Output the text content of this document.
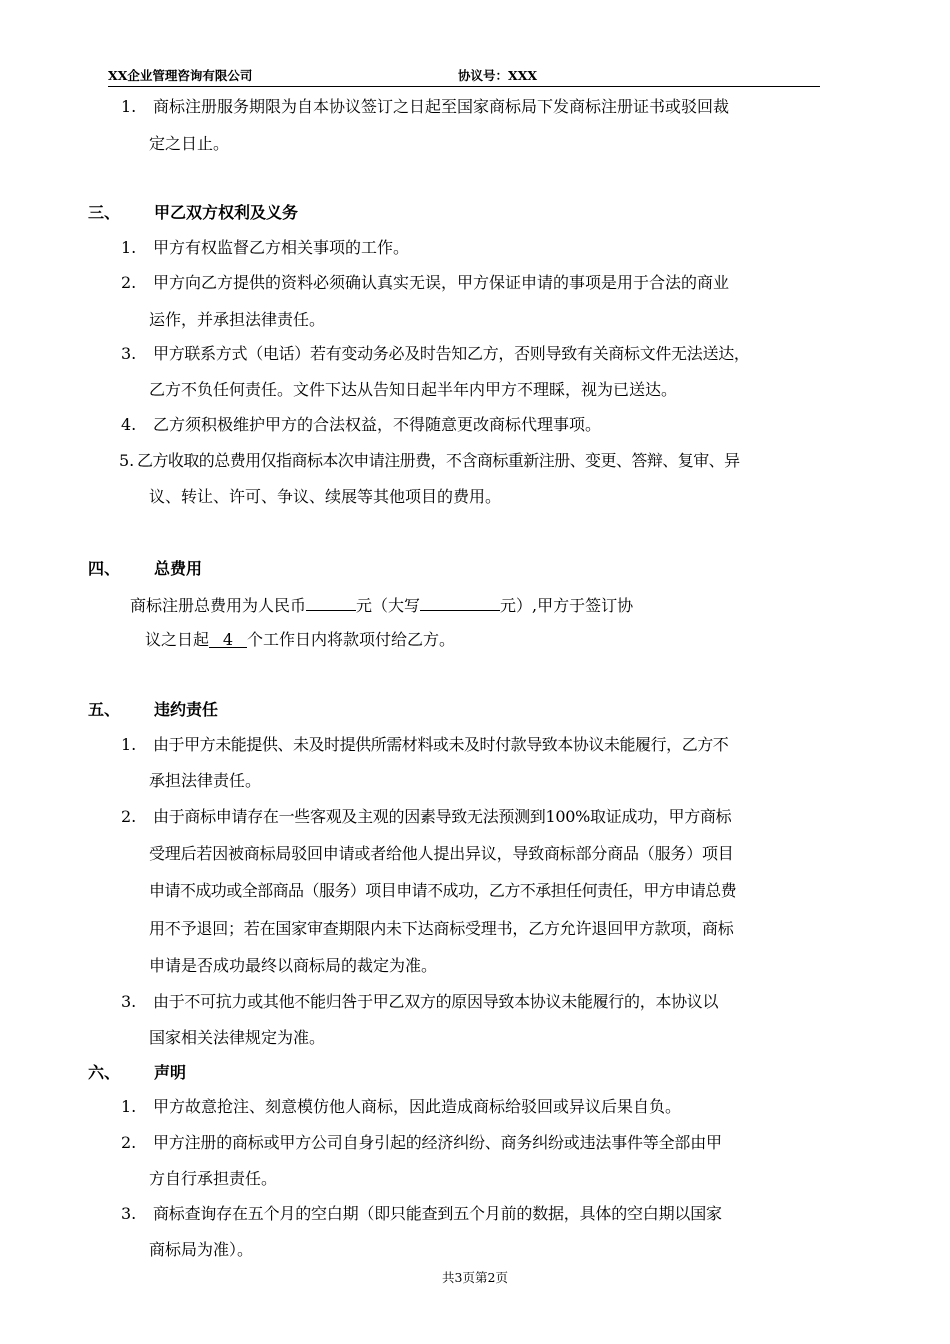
XX企业管理咨询有限公司	协议号：XXX
1. 商标注册服务期限为自本协议签订之日起至国家商标局下发商标注册证书或驳回裁
定之日止。
三、 甲乙双方权利及义务
1. 甲方有权监督乙方相关事项的工作。
2. 甲方向乙方提供的资料必须确认真实无误，甲方保证申请的事项是用于合法的商业
运作，并承担法律责任。
3. 甲方联系方式（电话）若有变动务必及时告知乙方，否则导致有关商标文件无法送达，
乙方不负任何责任。文件下达从告知日起半年内甲方不理睬，视为已送达。
4. 乙方须积极维护甲方的合法权益，不得随意更改商标代理事项。
5. 乙方收取的总费用仅指商标本次申请注册费，不含商标重新注册、变更、答辩、复审、异
议、转让、许可、争议、续展等其他项目的费用。
四、 总费用
商标注册总费用为人民币	元（大写	元）,甲方于签订协
议之日起 4 个工作日内将款项付给乙方。
五、 违约责任
1. 由于甲方未能提供、未及时提供所需材料或未及时付款导致本协议未能履行，乙方不
承担法律责任。
2. 由于商标申请存在一些客观及主观的因素导致无法预测到100%取证成功，甲方商标
受理后若因被商标局驳回申请或者给他人提出异议，导致商标部分商品（服务）项目
申请不成功或全部商品（服务）项目申请不成功，乙方不承担任何责任，甲方申请总费
用不予退回；若在国家审查期限内未下达商标受理书，乙方允许退回甲方款项，商标
申请是否成功最终以商标局的裁定为准。
3. 由于不可抗力或其他不能归咎于甲乙双方的原因导致本协议未能履行的，本协议以
国家相关法律规定为准。
六、 声明
1. 甲方故意抢注、刻意模仿他人商标，因此造成商标给驳回或异议后果自负。
2. 甲方注册的商标或甲方公司自身引起的经济纠纷、商务纠纷或违法事件等全部由甲
方自行承担责任。
3. 商标查询存在五个月的空白期（即只能查到五个月前的数据，具体的空白期以国家
商标局为准）。
共3页第2页
